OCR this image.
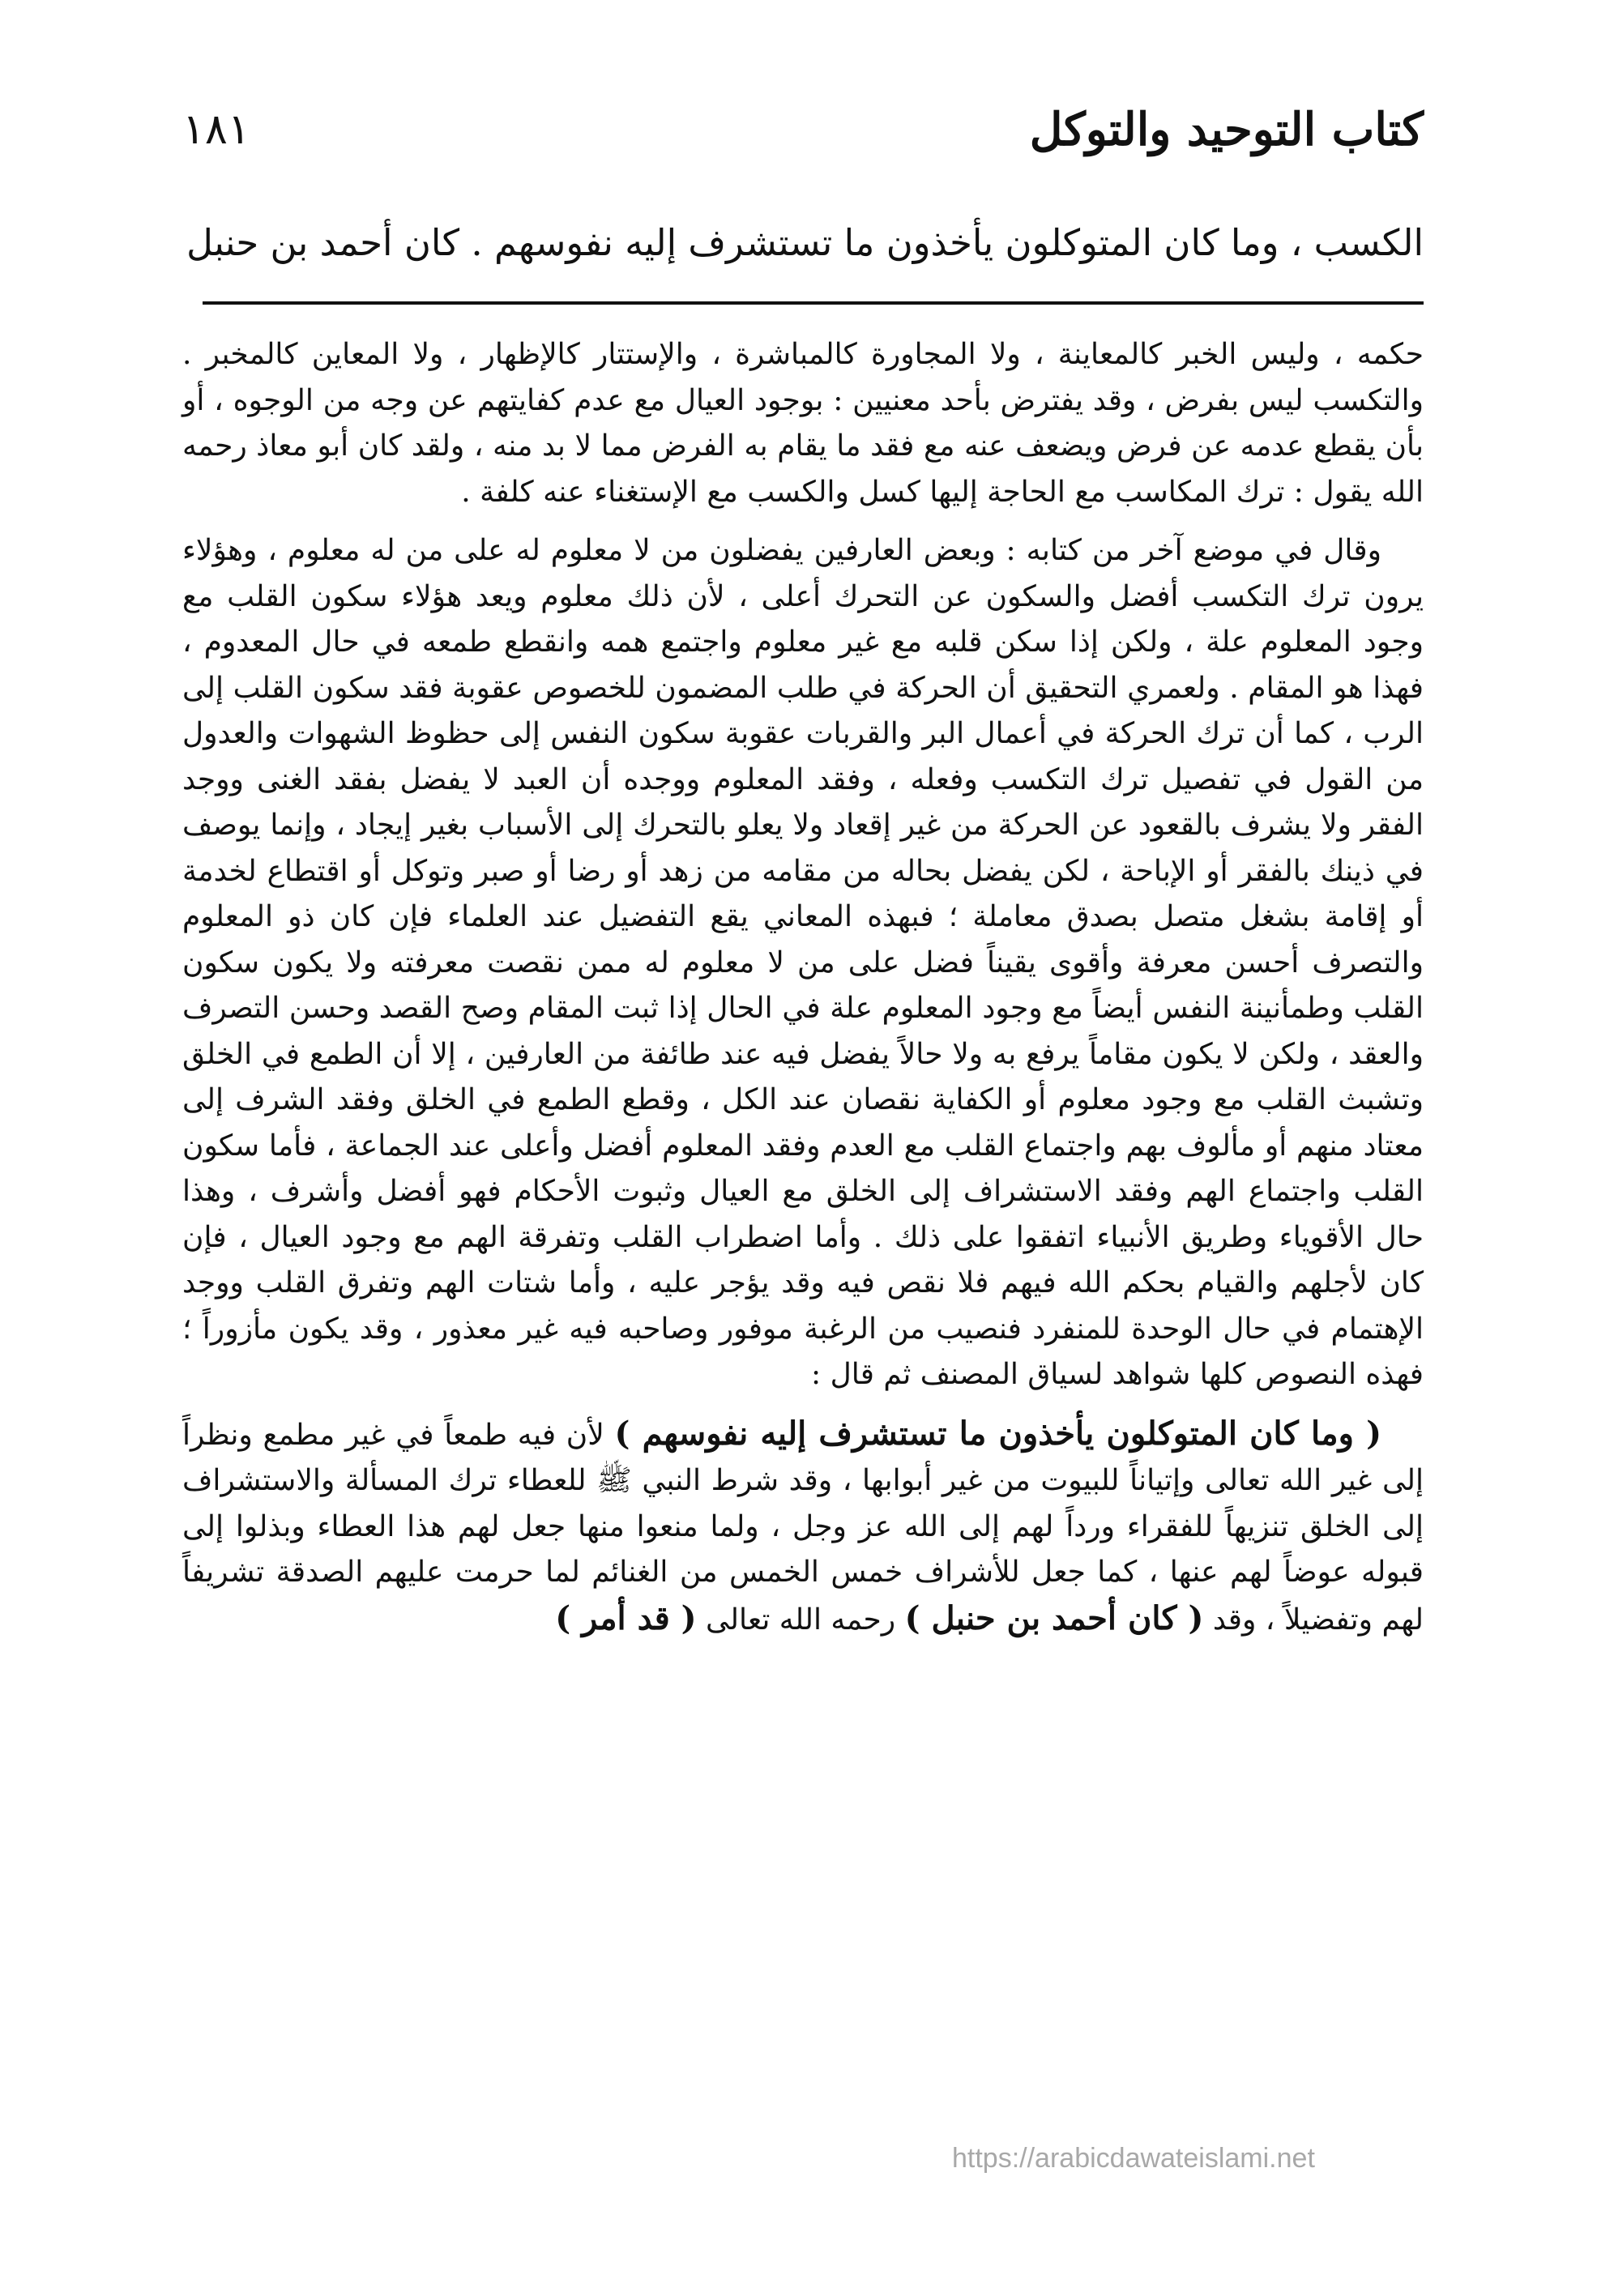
كتاب التوحيد والتوكل
١٨١
الكسب ، وما كان المتوكلون يأخذون ما تستشرف إليه نفوسهم . كان أحمد بن حنبل

حكمه ، وليس الخبر كالمعاينة ، ولا المجاورة كالمباشرة ، والإستتار كالإظهار ، ولا المعاين كالمخبر . والتكسب ليس بفرض ، وقد يفترض بأحد معنيين : بوجود العيال مع عدم كفايتهم عن وجه من الوجوه ، أو بأن يقطع عدمه عن فرض ويضعف عنه مع فقد ما يقام به الفرض مما لا بد منه ، ولقد كان أبو معاذ رحمه الله يقول : ترك المكاسب مع الحاجة إليها كسل والكسب مع الإستغناء عنه كلفة .

وقال في موضع آخر من كتابه : وبعض العارفين يفضلون من لا معلوم له على من له معلوم ، وهؤلاء يرون ترك التكسب أفضل والسكون عن التحرك أعلى ، لأن ذلك معلوم ويعد هؤلاء سكون القلب مع وجود المعلوم علة ، ولكن إذا سكن قلبه مع غير معلوم واجتمع همه وانقطع طمعه في حال المعدوم ، فهذا هو المقام . ولعمري التحقيق أن الحركة في طلب المضمون للخصوص عقوبة فقد سكون القلب إلى الرب ، كما أن ترك الحركة في أعمال البر والقربات عقوبة سكون النفس إلى حظوظ الشهوات والعدول من القول في تفصيل ترك التكسب وفعله ، وفقد المعلوم ووجده أن العبد لا يفضل بفقد الغنى ووجد الفقر ولا يشرف بالقعود عن الحركة من غير إقعاد ولا يعلو بالتحرك إلى الأسباب بغير إيجاد ، وإنما يوصف في ذينك بالفقر أو الإباحة ، لكن يفضل بحاله من مقامه من زهد أو رضا أو صبر وتوكل أو اقتطاع لخدمة أو إقامة بشغل متصل بصدق معاملة ؛ فبهذه المعاني يقع التفضيل عند العلماء فإن كان ذو المعلوم والتصرف أحسن معرفة وأقوى يقيناً فضل على من لا معلوم له ممن نقصت معرفته ولا يكون سكون القلب وطمأنينة النفس أيضاً مع وجود المعلوم علة في الحال إذا ثبت المقام وصح القصد وحسن التصرف والعقد ، ولكن لا يكون مقاماً يرفع به ولا حالاً يفضل فيه عند طائفة من العارفين ، إلا أن الطمع في الخلق وتشبث القلب مع وجود معلوم أو الكفاية نقصان عند الكل ، وقطع الطمع في الخلق وفقد الشرف إلى معتاد منهم أو مألوف بهم واجتماع القلب مع العدم وفقد المعلوم أفضل وأعلى عند الجماعة ، فأما سكون القلب واجتماع الهم وفقد الاستشراف إلى الخلق مع العيال وثبوت الأحكام فهو أفضل وأشرف ، وهذا حال الأقوياء وطريق الأنبياء اتفقوا على ذلك . وأما اضطراب القلب وتفرقة الهم مع وجود العيال ، فإن كان لأجلهم والقيام بحكم الله فيهم فلا نقص فيه وقد يؤجر عليه ، وأما شتات الهم وتفرق القلب ووجد الإهتمام في حال الوحدة للمنفرد فنصيب من الرغبة موفور وصاحبه فيه غير معذور ، وقد يكون مأزوراً ؛ فهذه النصوص كلها شواهد لسياق المصنف ثم قال :

( وما كان المتوكلون يأخذون ما تستشرف إليه نفوسهم ) لأن فيه طمعاً في غير مطمع ونظراً إلى غير الله تعالى وإتياناً للبيوت من غير أبوابها ، وقد شرط النبي ﷺ للعطاء ترك المسألة والاستشراف إلى الخلق تنزيهاً للفقراء ورداً لهم إلى الله عز وجل ، ولما منعوا منها جعل لهم هذا العطاء وبذلوا إلى قبوله عوضاً لهم عنها ، كما جعل للأشراف خمس الخمس من الغنائم لما حرمت عليهم الصدقة تشريفاً لهم وتفضيلاً ، وقد ( كان أحمد بن حنبل ) رحمه الله تعالى ( قد أمر )

https://arabicdawateislami.net
